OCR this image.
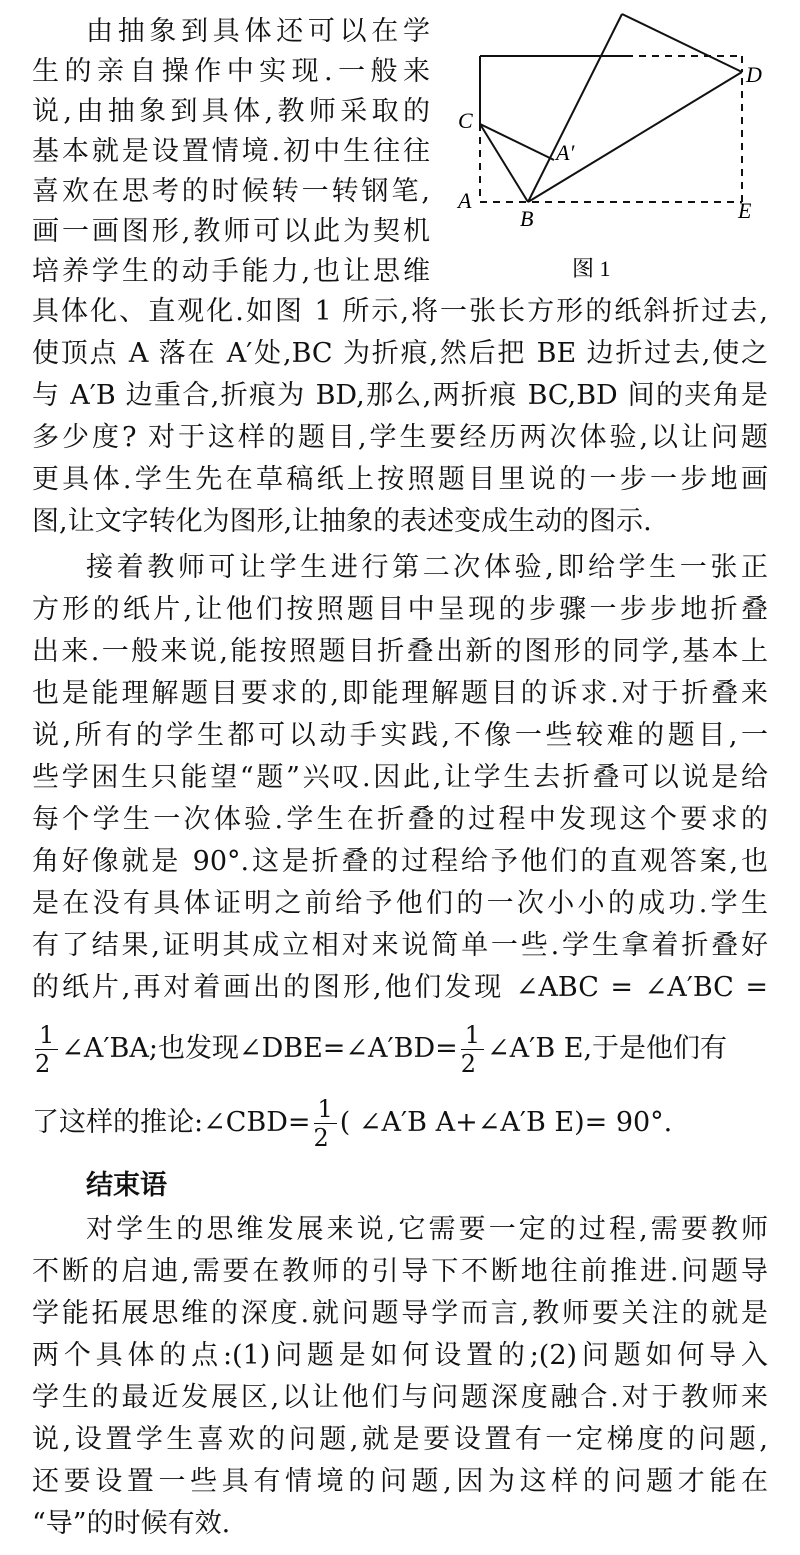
C
A
B	E
D
A′
图 1
由抽象到具体还可以在学
生的亲自操作中实现.一般来
说,由抽象到具体,教师采取的
基本就是设置情境.初中生往往
喜欢在思考的时候转一转钢笔,
画一画图形,教师可以此为契机
培养学生的动手能力,也让思维
具体化、直观化.如图 1 所示,将一张长方形的纸斜折过去,
使顶点 A 落在 A′处,BC 为折痕,然后把 BE 边折过去,使之
与 A′B 边重合,折痕为 BD,那么,两折痕 BC,BD 间的夹角是
多少度? 对于这样的题目,学生要经历两次体验,以让问题
更具体.学生先在草稿纸上按照题目里说的一步一步地画
图,让文字转化为图形,让抽象的表述变成生动的图示.
接着教师可让学生进行第二次体验,即给学生一张正
方形的纸片,让他们按照题目中呈现的步骤一步步地折叠
出来.一般来说,能按照题目折叠出新的图形的同学,基本上
也是能理解题目要求的,即能理解题目的诉求.对于折叠来
说,所有的学生都可以动手实践,不像一些较难的题目,一
些学困生只能望“题”兴叹.因此,让学生去折叠可以说是给
每个学生一次体验.学生在折叠的过程中发现这个要求的
角好像就是 90°.这是折叠的过程给予他们的直观答案,也
是在没有具体证明之前给予他们的一次小小的成功.学生
有了结果,证明其成立相对来说简单一些.学生拿着折叠好
的纸片,再对着画出的图形,他们发现 ∠ABC = ∠A′BC =
$\frac{1}{2}$ ∠A′BA;也发现∠DBE=∠A′BD= $\frac{1}{2}$ ∠A′B E,于是他们有
了这样的推论:∠CBD= $\frac{1}{2}$ ( ∠A′B A+∠A′B E)= 90°.
结束语
对学生的思维发展来说,它需要一定的过程,需要教师
不断的启迪,需要在教师的引导下不断地往前推进.问题导
学能拓展思维的深度.就问题导学而言,教师要关注的就是
两个具体的点:(1)问题是如何设置的;(2)问题如何导入
学生的最近发展区,以让他们与问题深度融合.对于教师来
说,设置学生喜欢的问题,就是要设置有一定梯度的问题,
还要设置一些具有情境的问题,因为这样的问题才能在
“导”的时候有效.
